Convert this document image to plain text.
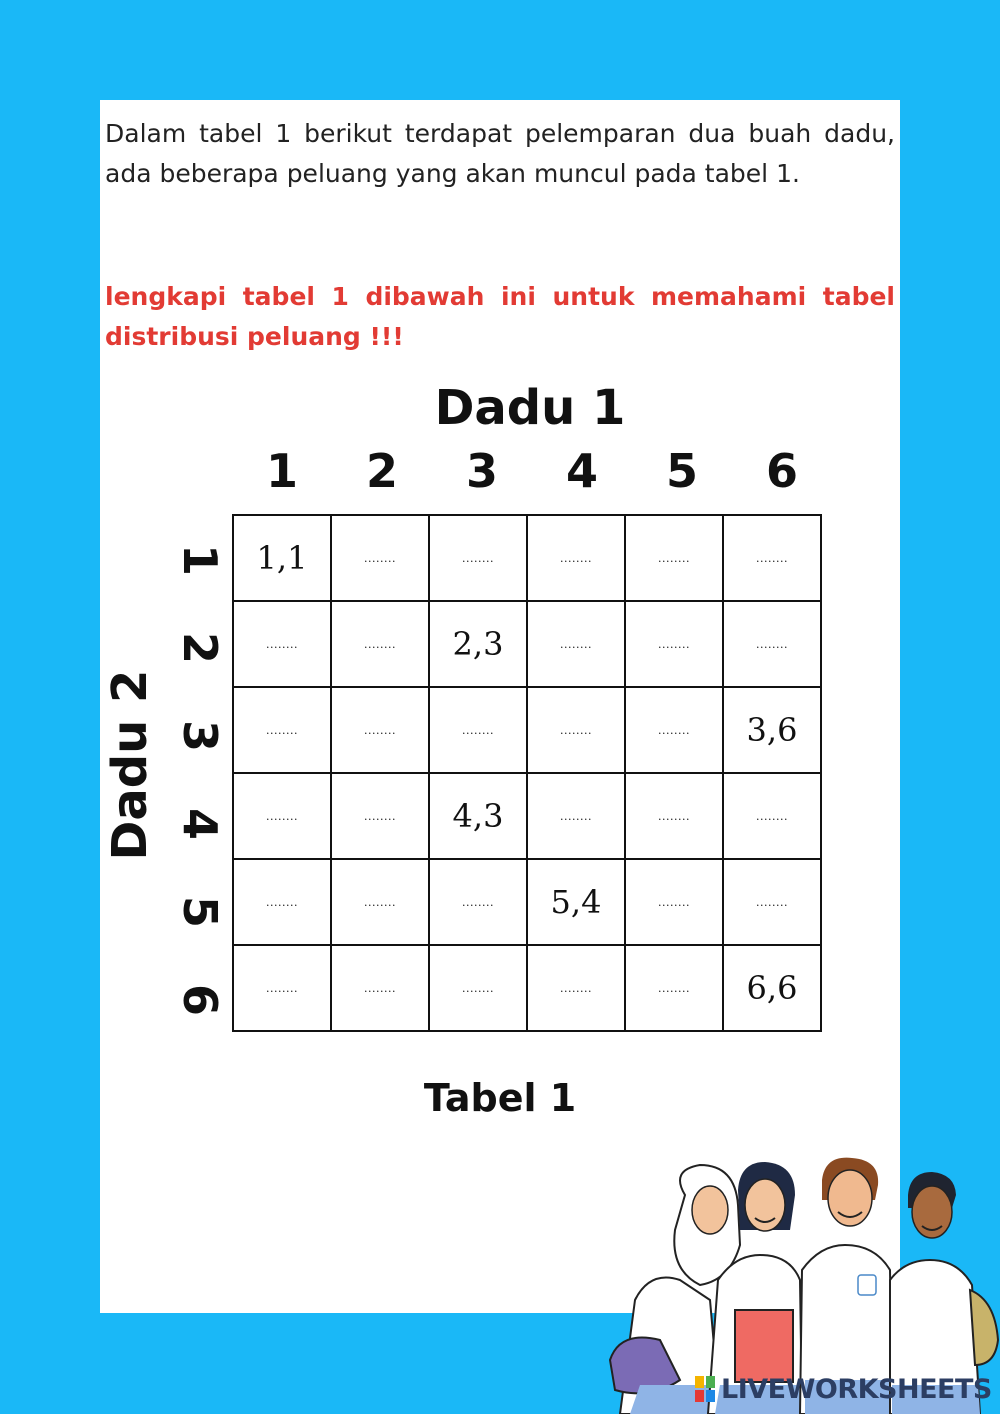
Dalam tabel 1 berikut terdapat pelemparan dua buah dadu, ada beberapa peluang yang akan muncul pada tabel 1.

lengkapi tabel 1 dibawah ini untuk memahami tabel distribusi peluang !!!

Dadu 1
1	2	3	4	5	6
Dadu 2
1
2
3
4
5
6
1,1	........	........	........	........	........
........	........	2,3	........	........	........
........	........	........	........	........	3,6
........	........	4,3	........	........	........
........	........	........	5,4	........	........
........	........	........	........	........	6,6
Tabel 1
LIVEWORKSHEETS
